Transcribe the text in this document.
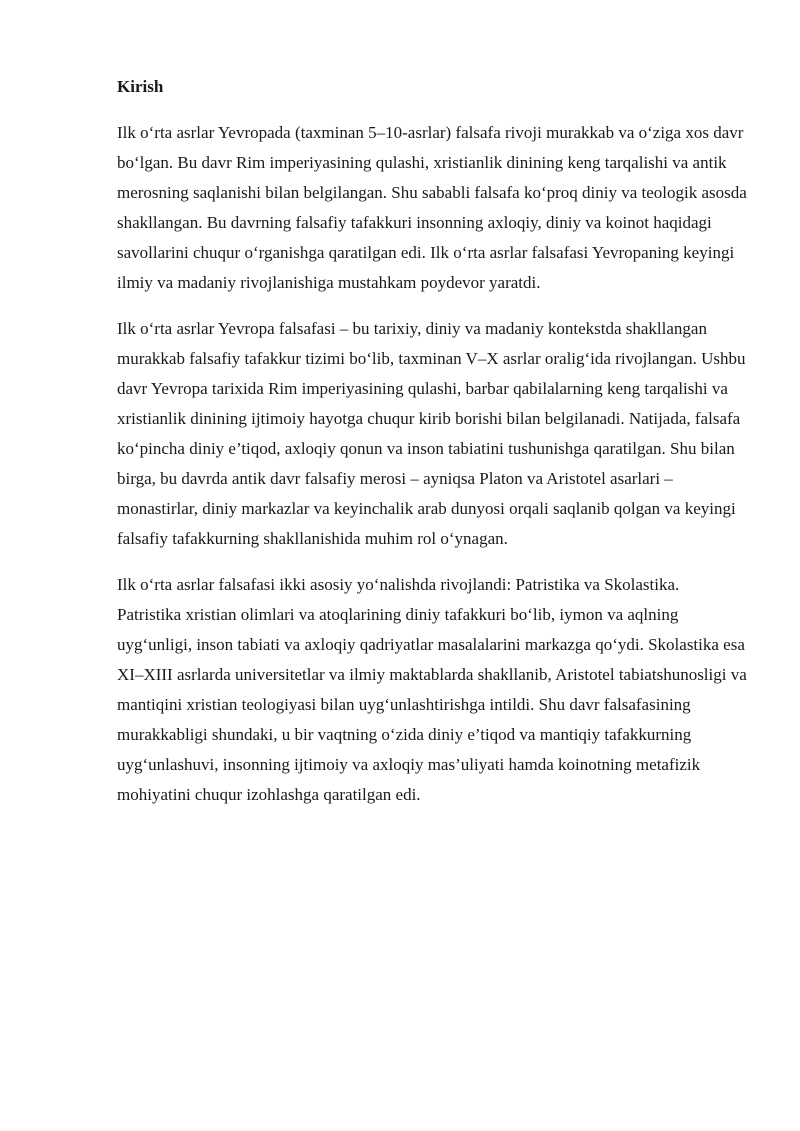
Kirish

Ilk o‘rta asrlar Yevropada (taxminan 5–10-asrlar) falsafa rivoji murakkab va o‘ziga xos davr bo‘lgan. Bu davr Rim imperiyasining qulashi, xristianlik dinining keng tarqalishi va antik merosning saqlanishi bilan belgilangan. Shu sababli falsafa ko‘proq diniy va teologik asosda shakllangan. Bu davrning falsafiy tafakkuri insonning axloqiy, diniy va koinot haqidagi savollarini chuqur o‘rganishga qaratilgan edi. Ilk o‘rta asrlar falsafasi Yevropaning keyingi ilmiy va madaniy rivojlanishiga mustahkam poydevor yaratdi.

Ilk o‘rta asrlar Yevropa falsafasi – bu tarixiy, diniy va madaniy kontekstda shakllangan murakkab falsafiy tafakkur tizimi bo‘lib, taxminan V–X asrlar oralig‘ida rivojlangan. Ushbu davr Yevropa tarixida Rim imperiyasining qulashi, barbar qabilalarning keng tarqalishi va xristianlik dinining ijtimoiy hayotga chuqur kirib borishi bilan belgilanadi. Natijada, falsafa ko‘pincha diniy e’tiqod, axloqiy qonun va inson tabiatini tushunishga qaratilgan. Shu bilan birga, bu davrda antik davr falsafiy merosi – ayniqsa Platon va Aristotel asarlari – monastirlar, diniy markazlar va keyinchalik arab dunyosi orqali saqlanib qolgan va keyingi falsafiy tafakkurning shakllanishida muhim rol o‘ynagan.

Ilk o‘rta asrlar falsafasi ikki asosiy yo‘nalishda rivojlandi: Patristika va Skolastika. Patristika xristian olimlari va atoqlarining diniy tafakkuri bo‘lib, iymon va aqlning uyg‘unligi, inson tabiati va axloqiy qadriyatlar masalalarini markazga qo‘ydi. Skolastika esa XI–XIII asrlarda universitetlar va ilmiy maktablarda shakllanib, Aristotel tabiatshunosligi va mantiqini xristian teologiyasi bilan uyg‘unlashtirishga intildi. Shu davr falsafasining murakkabligi shundaki, u bir vaqtning o‘zida diniy e’tiqod va mantiqiy tafakkurning uyg‘unlashuvi, insonning ijtimoiy va axloqiy mas’uliyati hamda koinotning metafizik mohiyatini chuqur izohlashga qaratilgan edi.
